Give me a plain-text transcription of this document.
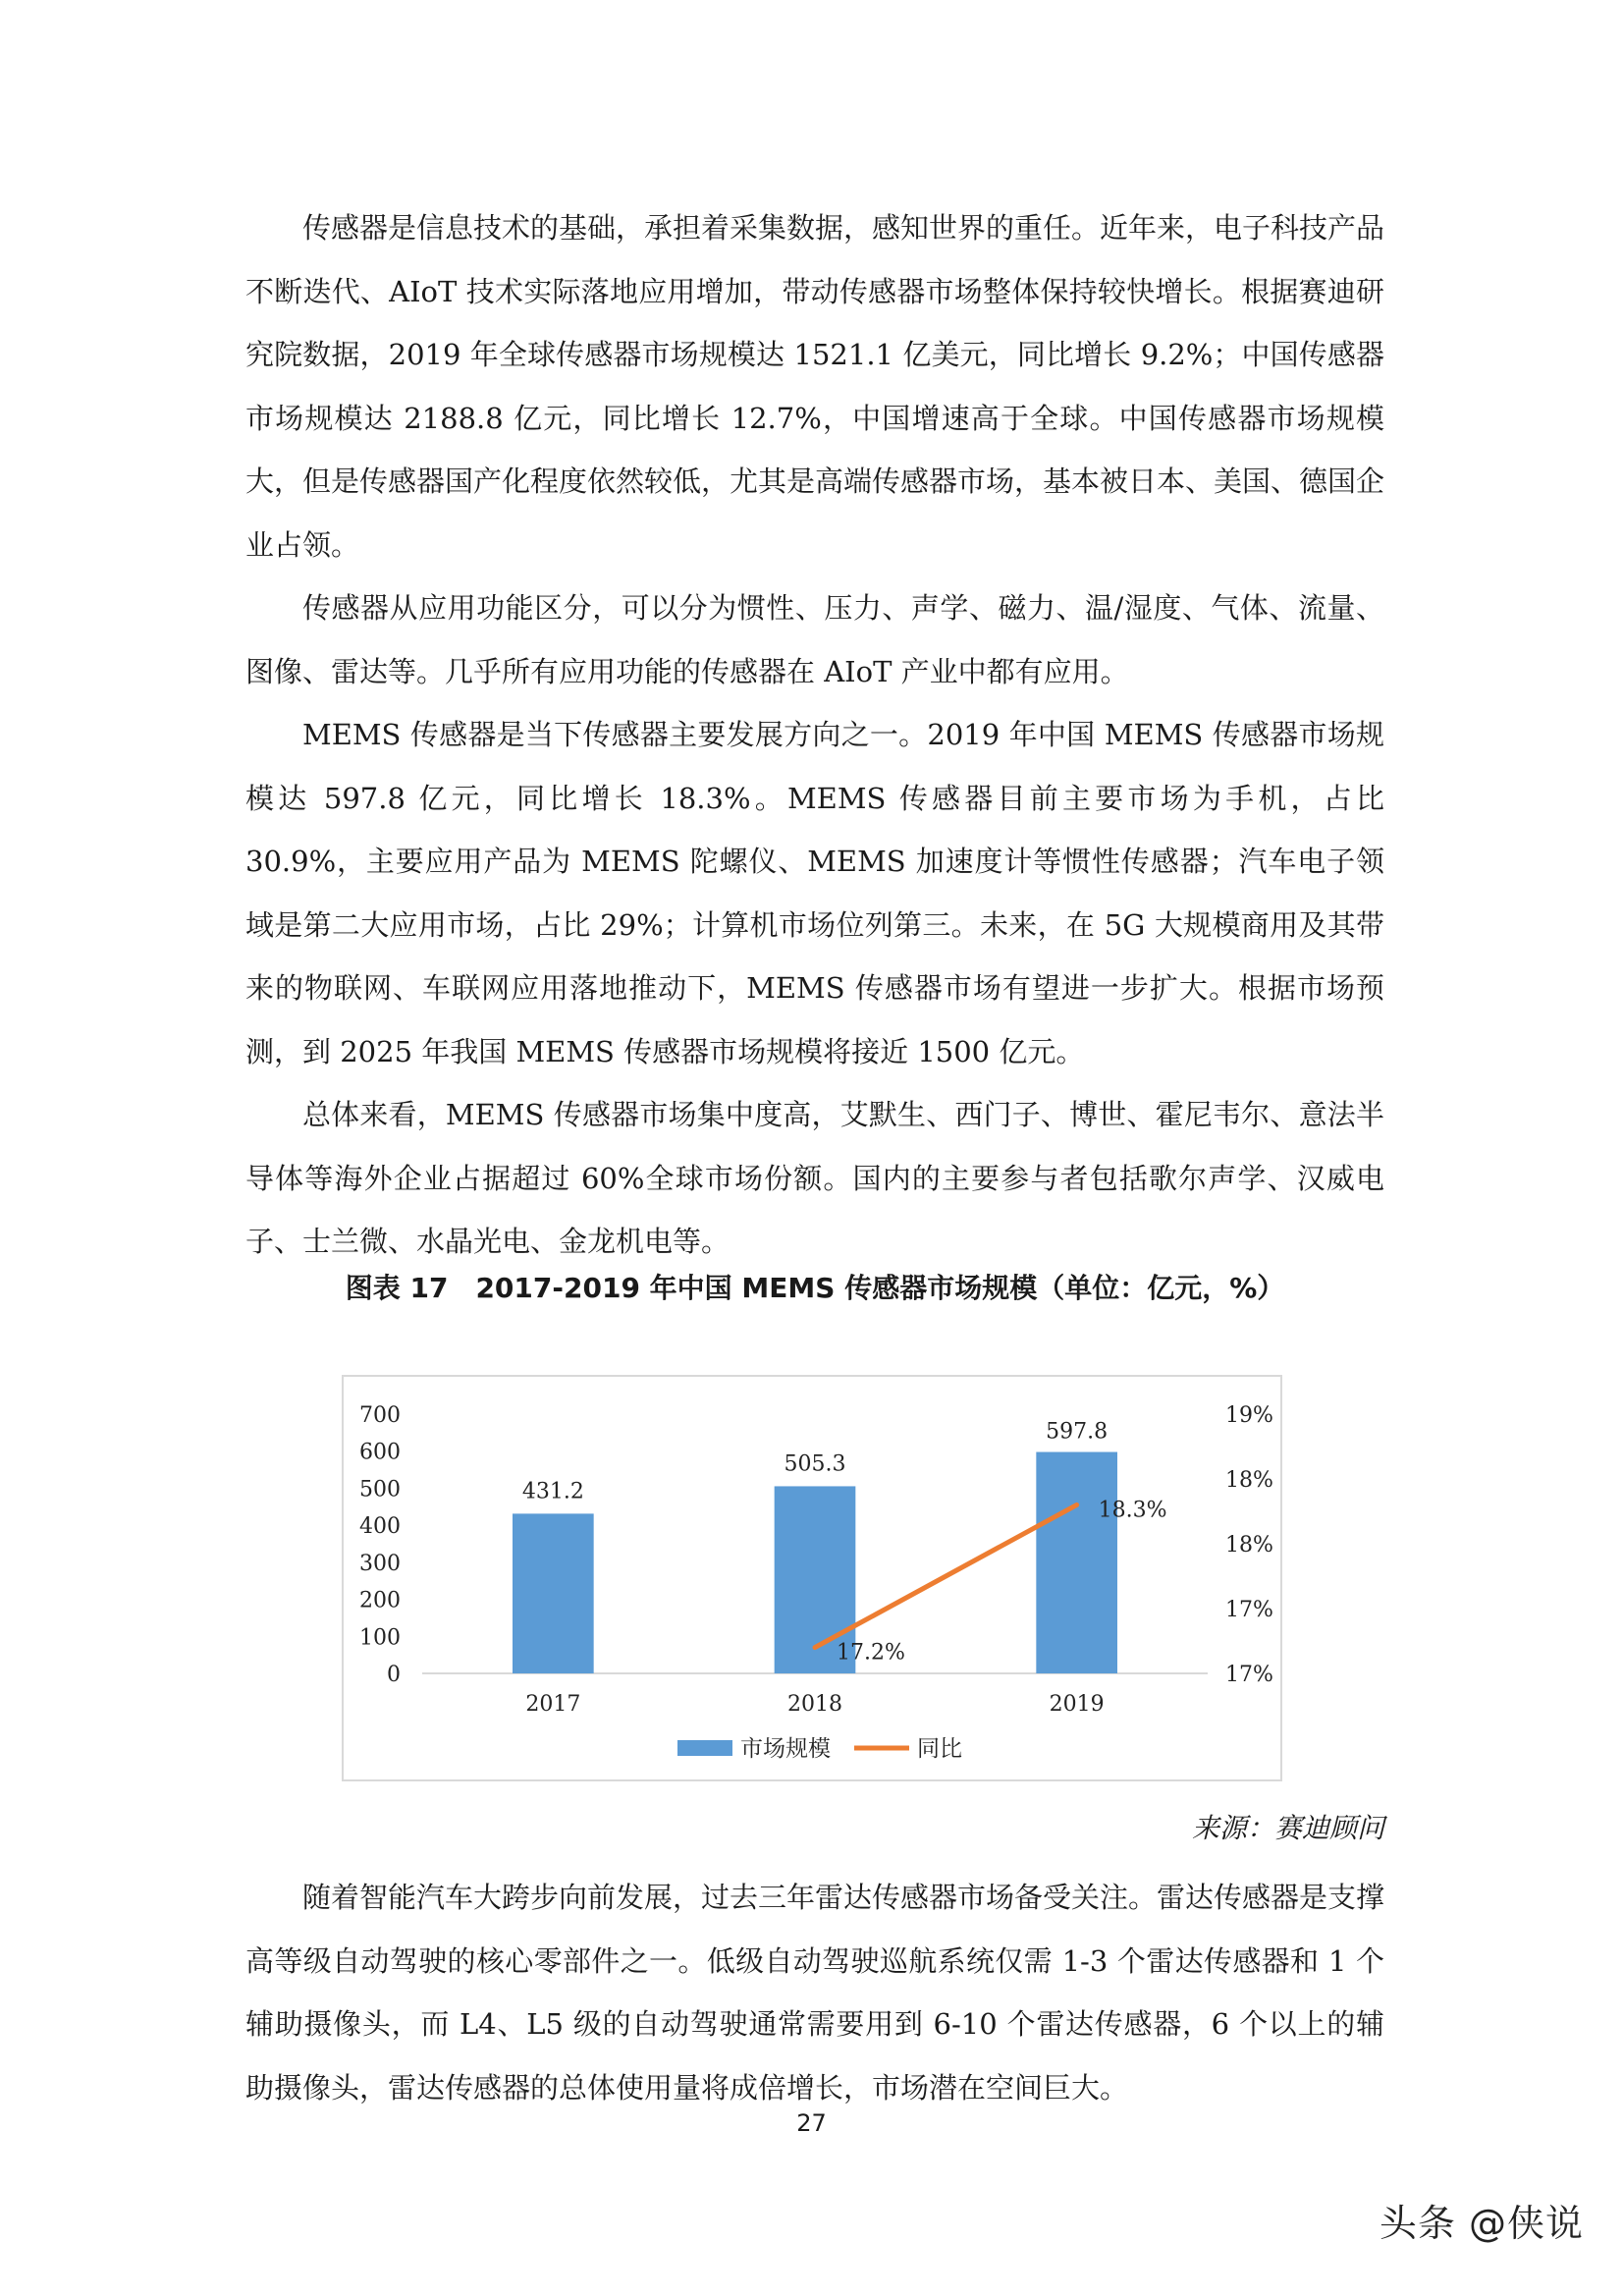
传感器是信息技术的基础，承担着采集数据，感知世界的重任。近年来，电子科技产品不断迭代、AIoT 技术实际落地应用增加，带动传感器市场整体保持较快增长。根据赛迪研究院数据，2019 年全球传感器市场规模达 1521.1 亿美元，同比增长 9.2%；中国传感器市场规模达 2188.8 亿元，同比增长 12.7%，中国增速高于全球。中国传感器市场规模大，但是传感器国产化程度依然较低，尤其是高端传感器市场，基本被日本、美国、德国企业占领。

传感器从应用功能区分，可以分为惯性、压力、声学、磁力、温/湿度、气体、流量、图像、雷达等。几乎所有应用功能的传感器在 AIoT 产业中都有应用。

MEMS 传感器是当下传感器主要发展方向之一。2019 年中国 MEMS 传感器市场规模达 597.8 亿元，同比增长 18.3%。MEMS 传感器目前主要市场为手机，占比 30.9%，主要应用产品为 MEMS 陀螺仪、MEMS 加速度计等惯性传感器；汽车电子领域是第二大应用市场，占比 29%；计算机市场位列第三。未来，在 5G 大规模商用及其带来的物联网、车联网应用落地推动下，MEMS 传感器市场有望进一步扩大。根据市场预测，到 2025 年我国 MEMS 传感器市场规模将接近 1500 亿元。

总体来看，MEMS 传感器市场集中度高，艾默生、西门子、博世、霍尼韦尔、意法半导体等海外企业占据超过 60%全球市场份额。国内的主要参与者包括歌尔声学、汉威电子、士兰微、水晶光电、金龙机电等。

图表 17　2017-2019 年中国 MEMS 传感器市场规模（单位：亿元，%）
0
100
200
300
400
500
600
700
17%
17%
18%
18%
19%
431.2
505.3
597.8
2017	2018	2019
17.2%
18.3%
市场规模	同比
来源：赛迪顾问

随着智能汽车大跨步向前发展，过去三年雷达传感器市场备受关注。雷达传感器是支撑高等级自动驾驶的核心零部件之一。低级自动驾驶巡航系统仅需 1-3 个雷达传感器和 1 个辅助摄像头，而 L4、L5 级的自动驾驶通常需要用到 6-10 个雷达传感器，6 个以上的辅助摄像头，雷达传感器的总体使用量将成倍增长，市场潜在空间巨大。

27
头条 @侠说
